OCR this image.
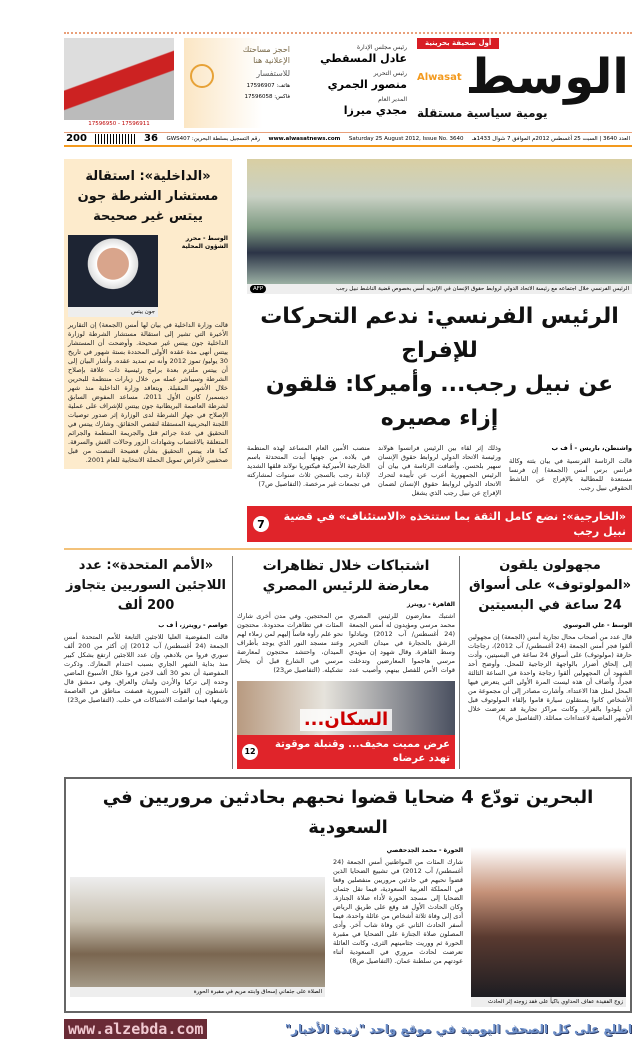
أول صحيفة بحرينية
الوسط
Alwasat
يومية سياسية مستقلة
رئيس مجلس الإدارة
عادل المسقطي
رئيس التحرير
منصور الجمري
المدير العام
مجدي ميرزا
احجز مساحتك الإعلانية هنا
للاستفسار
هاتف: 17596907
فاكس: 17596058
17596911 - 17596950
العدد 3640 | السبت 25 أغسطس 2012م الموافق 7 شوال 1433هـ
Saturday 25 August 2012, Issue No. 3640
www.alwasatnews.com
رقم التسجيل بسلطة البحرين: GWS407
36
200
الرئيس الفرنسي خلال اجتماعه مع رئيسة الاتحاد الدولي لروابط حقوق الإنسان في الإليزيه أمس بخصوص قضية الناشط نبيل رجب
AFP
الرئيس الفرنسي: ندعم التحركات للإفراج
عن نبيل رجب... وأميركا: قلقون إزاء مصيره
واشنطن، باريس - أ ف ب
قالت الرئاسة الفرنسية في بيان بثته وكالة فرانس برس أمس (الجمعة) إن فرنسا مستعدة للمطالبة بالإفراج عن الناشط الحقوقي نبيل رجب.
وذلك إثر لقاء بين الرئيس فرانسوا هولاند ورئيسة الاتحاد الدولي لروابط حقوق الإنسان سهير بلحسن. وأضافت الرئاسة في بيان أن الرئيس الجمهورية أعرب عن تأييده لتحرك الاتحاد الدولي لروابط حقوق الإنسان لضمان الإفراج عن نبيل رجب الذي يشغل
منصب الأمين العام المساعد لهذه المنظمة في بلاده. من جهتها أبدت المتحدثة باسم الخارجية الأميركية فيكتوريا نولاند قلقها الشديد لإدانة رجب بالسجن ثلاث سنوات لمشاركته في تجمعات غير مرخصة. (التفاصيل ص7)
«الخارجية»: نضع كامل الثقة بما ستتخذه «الاستئناف» في قضية نبيل رجب
7
«الداخلية»: استقالة مستشار الشرطة جون ييتس غير صحيحة
الوسط - محرر الشؤون المحلية
جون ييتس
قالت وزارة الداخلية في بيان لها أمس (الجمعة) إن التقارير الأخيرة التي تشير إلى استقالة مستشار الشرطة لوزارة الداخلية جون ييتس غير صحيحة. وأوضحت أن المستشار ييتس أنهى مدة عقده الأولى المحددة بستة شهور في تاريخ 30 يوليو/ تموز 2012 وأنه تم تمديد عقده. وأشار البيان إلى أن ييتس ملتزم بعدة برامج رئيسية ذات علاقة بإصلاح الشرطة وسيباشر عمله من خلال زيارات منتظمة للبحرين خلال الأشهر المقبلة. ويتعاقد وزارة الداخلية منذ شهر ديسمبر/ كانون الأول 2011، مساعد المفوض السابق لشرطة العاصمة البريطانية جون ييتس للإشراف على عملية الإصلاح في جهاز الشرطة لدى الوزارة إثر صدور توصيات اللجنة البحرينية المستقلة لتقصي الحقائق. وشارك ييتس في التحقيق في عدة جرائم قتل والجريمة المنظمة والجرائم المتعلقة بالاغتصاب وشهادات الزور وحالات الغش والسرقة. كما قاد ييتس التحقيق بشأن فضيحة التنصت من قبل صحفيين لأغراض تمويل الحملة الانتخابية للعام 2001.
مجهولون يلقون «المولوتوف» على أسواق 24 ساعة في البسيتين
الوسط - علي الموسوي
قال عدد من أصحاب محال تجارية أمس (الجمعة) إن مجهولين ألقوا فجر أمس الجمعة (24 أغسطس/ آب 2012)، زجاجات حارقة (مولوتوف) على أسواق 24 ساعة في البسيتين، وأدت إلى إلحاق أضرار بالواجهة الزجاجية للمحل. وأوضح أحد الشهود أن المجهولين ألقوا زجاجة واحدة في الساعة الثالثة فجراً، وأضاف أن هذه ليست المرة الأولى التي يتعرض فيها المحل لمثل هذا الاعتداء. وأشارت مصادر إلى أن مجموعة من الأشخاص كانوا يستقلون سيارة قاموا بإلقاء المولوتوف قبل أن يلوذوا بالفرار. وكانت مراكز تجارية قد تعرضت خلال الأشهر الماضية لاعتداءات مماثلة. (التفاصيل ص4)
اشتباكات خلال تظاهرات معارضة للرئيس المصري
القاهرة - رويترز
اشتبك معارضون للرئيس المصري محمد مرسي ومؤيدون له أمس الجمعة (24 أغسطس/ آب 2012) وتبادلوا الرشق بالحجارة في ميدان التحرير وسط القاهرة. وقال شهود إن مؤيدي مرسي هاجموا المعارضين وتدخلت قوات الأمن للفصل بينهم، وأصيب عدد من المحتجين. وفي مدن أخرى شارك المئات في تظاهرات محدودة. محتجون نحو علم رأوه فاساً إليهم لمن زملاء لهم وعند مسجد النور الذي يوجد بأطراف الميدان، واحتشد محتجون لمعارضة مرسي في الشارع قبل أن يختار تشكيله. (التفاصيل ص23)
السكان...
عرض مميت مخيف... وقنبلة موقوتة تهدد عرضاه
12
«الأمم المتحدة»: عدد اللاجئين السوريين يتجاوز 200 ألف
عواصم - رويترز، أ ف ب
قالت المفوضية العليا للاجئين التابعة للأمم المتحدة أمس الجمعة (24 أغسطس/ آب 2012) إن أكثر من 200 ألف سوري فروا من بلادهم، وإن عدد اللاجئين ارتفع بشكل كبير منذ بداية الشهر الجاري بسبب احتدام المعارك. وذكرت المفوضية أن نحو 30 ألف لاجئ فروا خلال الأسبوع الماضي وحده إلى تركيا والأردن ولبنان والعراق. وفي دمشق قال ناشطون إن القوات السورية قصفت مناطق في العاصمة وريفها، فيما تواصلت الاشتباكات في حلب. (التفاصيل ص23)
البحرين تودّع 4 ضحايا قضوا نحبهم بحادثين مروريين في السعودية
زوج الفقيدة عفاف الحداوي باكياً على فقد زوجته إثر الحادث
الحورة - محمد الجدحفصي
شارك المئات من المواطنين أمس الجمعة (24 أغسطس/ آب 2012) في تشييع الضحايا الذين قضوا نحبهم في حادثين مروريين منفصلين وقعا في المملكة العربية السعودية، فيما نقل جثمان الضحايا إلى مسجد الحورة لأداء صلاة الجنازة. وكان الحادث الأول قد وقع على طريق الرياض أدى إلى وفاة ثلاثة أشخاص من عائلة واحدة، فيما أسفر الحادث الثاني عن وفاة شاب آخر. وأدى المصلون صلاة الجنازة على الضحايا في مقبرة الحورة ثم ووريت جثامينهم الثرى، وكانت العائلة تعرضت لحادث مروري في السعودية أثناء عودتهم من سلطنة عمان. (التفاصيل ص8)
الصلاة على جثماني إسحاق وابنته مريم في مقبرة الحورة
اطلع على كل الصحف اليومية في موقع واحد "زبدة الأخبار"
www.alzebda.com
